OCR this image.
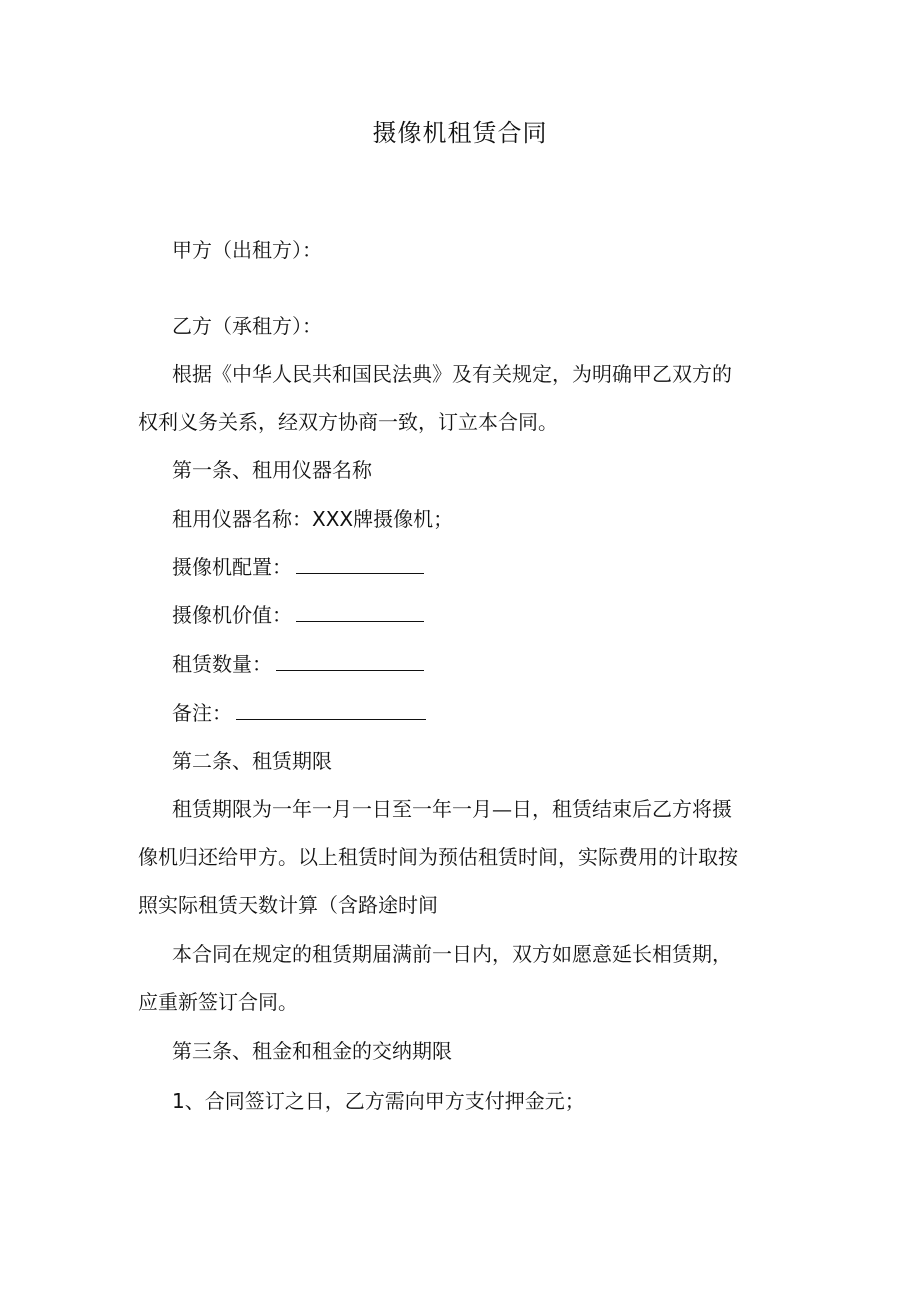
摄像机租赁合同
甲方（出租方）：
乙方（承租方）：
根据《中华人民共和国民法典》及有关规定，为明确甲乙双方的
权利义务关系，经双方协商一致，订立本合同。
第一条、租用仪器名称
租用仪器名称：XXX牌摄像机；
摄像机配置：
摄像机价值：
租赁数量：
备注：
第二条、租赁期限
租赁期限为一年一月一日至一年一月—日，租赁结束后乙方将摄
像机归还给甲方。以上租赁时间为预估租赁时间，实际费用的计取按
照实际租赁天数计算（含路途时间
本合同在规定的租赁期届满前一日内，双方如愿意延长相赁期，
应重新签订合同。
第三条、租金和租金的交纳期限
1、合同签订之日，乙方需向甲方支付押金元；
